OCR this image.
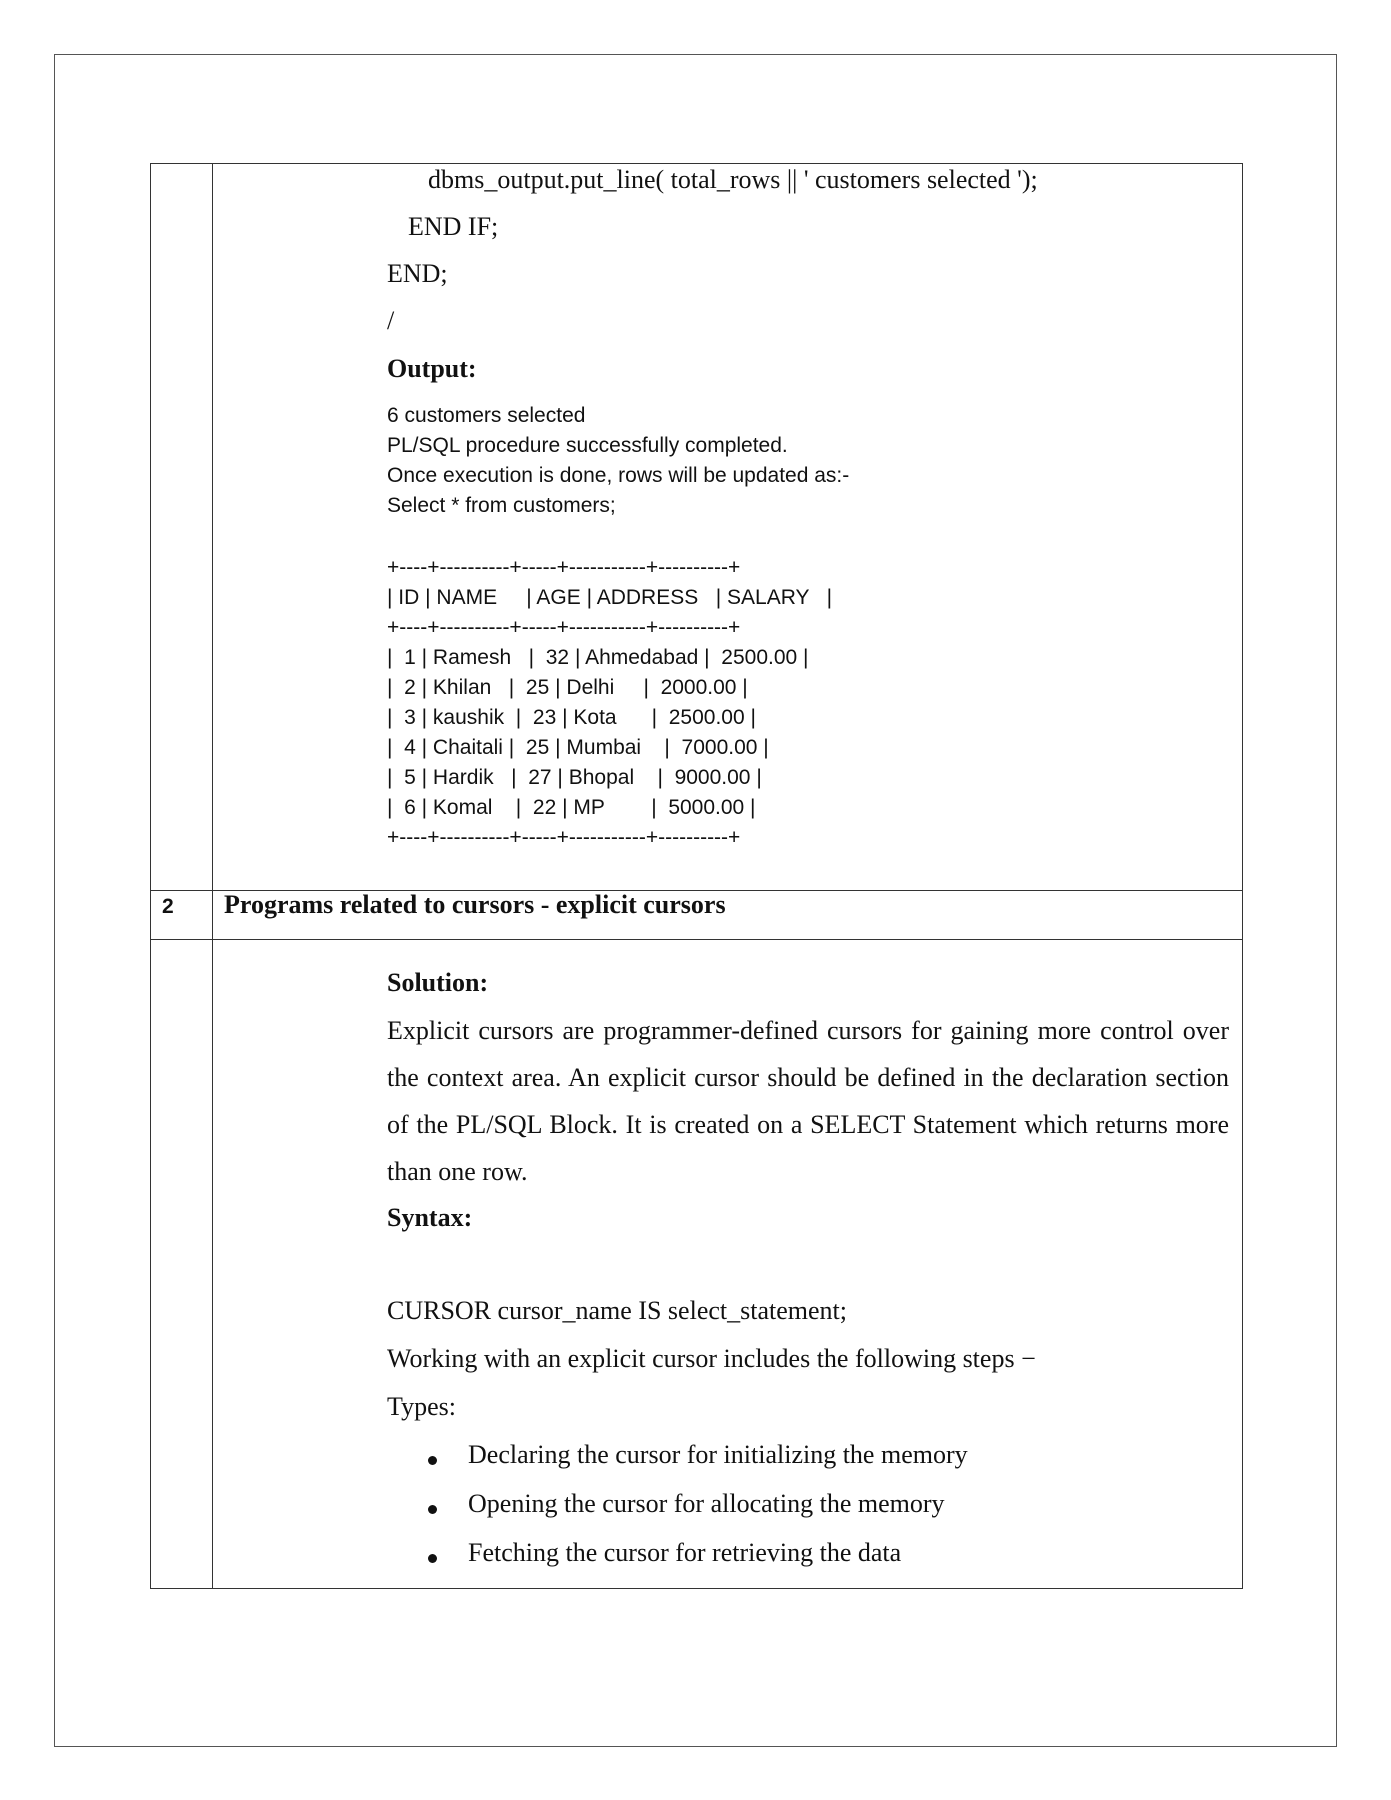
dbms_output.put_line( total_rows || ' customers selected ');
END IF;
END;
/
Output:
6 customers selected
PL/SQL procedure successfully completed.
Once execution is done, rows will be updated as:-
Select * from customers;
+----+----------+-----+-----------+----------+
| ID | NAME     | AGE | ADDRESS   | SALARY   |
+----+----------+-----+-----------+----------+
|  1 | Ramesh   |  32 | Ahmedabad |  2500.00 |
|  2 | Khilan   |  25 | Delhi     |  2000.00 |
|  3 | kaushik  |  23 | Kota      |  2500.00 |
|  4 | Chaitali |  25 | Mumbai    |  7000.00 |
|  5 | Hardik   |  27 | Bhopal    |  9000.00 |
|  6 | Komal    |  22 | MP        |  5000.00 |
+----+----------+-----+-----------+----------+
2 Programs related to cursors - explicit cursors
Solution:
Explicit cursors are programmer-defined cursors for gaining more control over the context area. An explicit cursor should be defined in the declaration section of the PL/SQL Block. It is created on a SELECT Statement which returns more than one row.
Syntax:
CURSOR cursor_name IS select_statement;
Working with an explicit cursor includes the following steps −
Types:
Declaring the cursor for initializing the memory
Opening the cursor for allocating the memory
Fetching the cursor for retrieving the data
